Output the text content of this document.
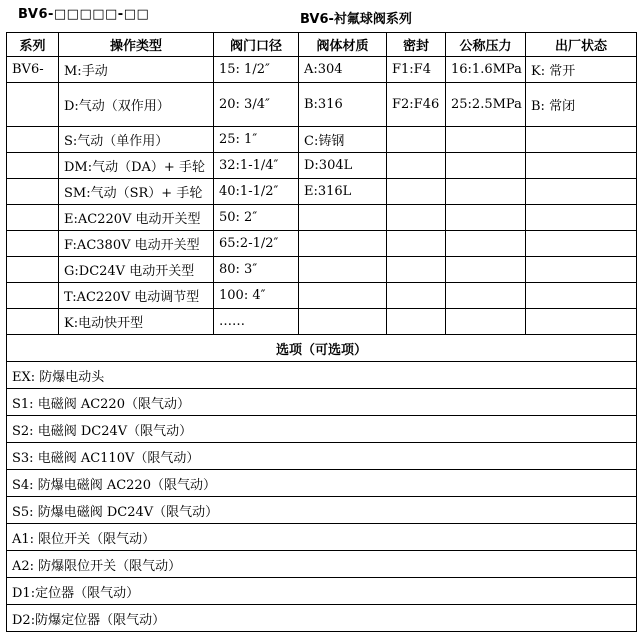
BV6-□□□□□-□□	BV6-衬氟球阀系列
系列	操作类型	阀门口径	阀体材质	密封	公称压力	出厂状态
BV6-	M:手动	15: 1/2″	A:304	F1:F4	16:1.6MPa	K: 常开
	D:气动（双作用）	20: 3/4″	B:316	F2:F46	25:2.5MPa	B: 常闭
	S:气动（单作用）	25: 1″	C:铸钢			
	DM:气动（DA）+ 手轮	32:1-1/4″	D:304L			
	SM:气动（SR）+ 手轮	40:1-1/2″	E:316L			
	E:AC220V 电动开关型	50: 2″				
	F:AC380V 电动开关型	65:2-1/2″				
	G:DC24V 电动开关型	80: 3″				
	T:AC220V 电动调节型	100: 4″				
	K:电动快开型	……				
选项（可选项）						
EX: 防爆电动头						
S1: 电磁阀 AC220（限气动）						
S2: 电磁阀 DC24V（限气动）						
S3: 电磁阀 AC110V（限气动）						
S4: 防爆电磁阀 AC220（限气动）						
S5: 防爆电磁阀 DC24V（限气动）						
A1: 限位开关（限气动）						
A2: 防爆限位开关（限气动）						
D1:定位器（限气动）						
D2:防爆定位器（限气动）						
